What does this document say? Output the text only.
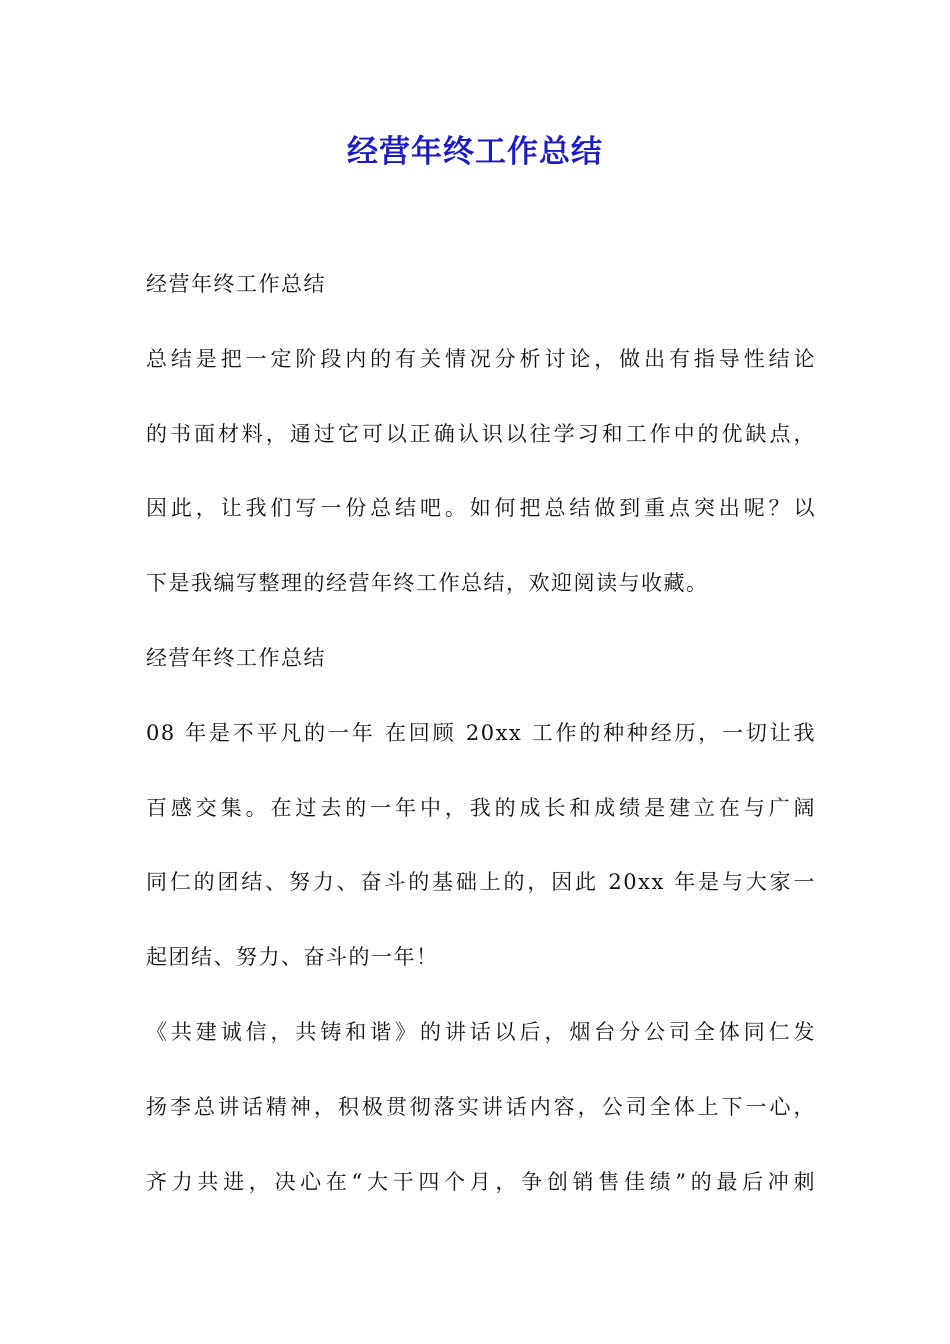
经营年终工作总结
经营年终工作总结
总结是把一定阶段内的有关情况分析讨论，做出有指导性结论
的书面材料，通过它可以正确认识以往学习和工作中的优缺点，
因此，让我们写一份总结吧。如何把总结做到重点突出呢？以
下是我编写整理的经营年终工作总结，欢迎阅读与收藏。
经营年终工作总结
08 年是不平凡的一年 在回顾 20xx 工作的种种经历，一切让我
百感交集。在过去的一年中，我的成长和成绩是建立在与广阔
同仁的团结、努力、奋斗的基础上的，因此 20xx 年是与大家一
起团结、努力、奋斗的一年！
《共建诚信，共铸和谐》的讲话以后，烟台分公司全体同仁发
扬李总讲话精神，积极贯彻落实讲话内容，公司全体上下一心，
齐力共进，决心在“大干四个月，争创销售佳绩”的最后冲刺
